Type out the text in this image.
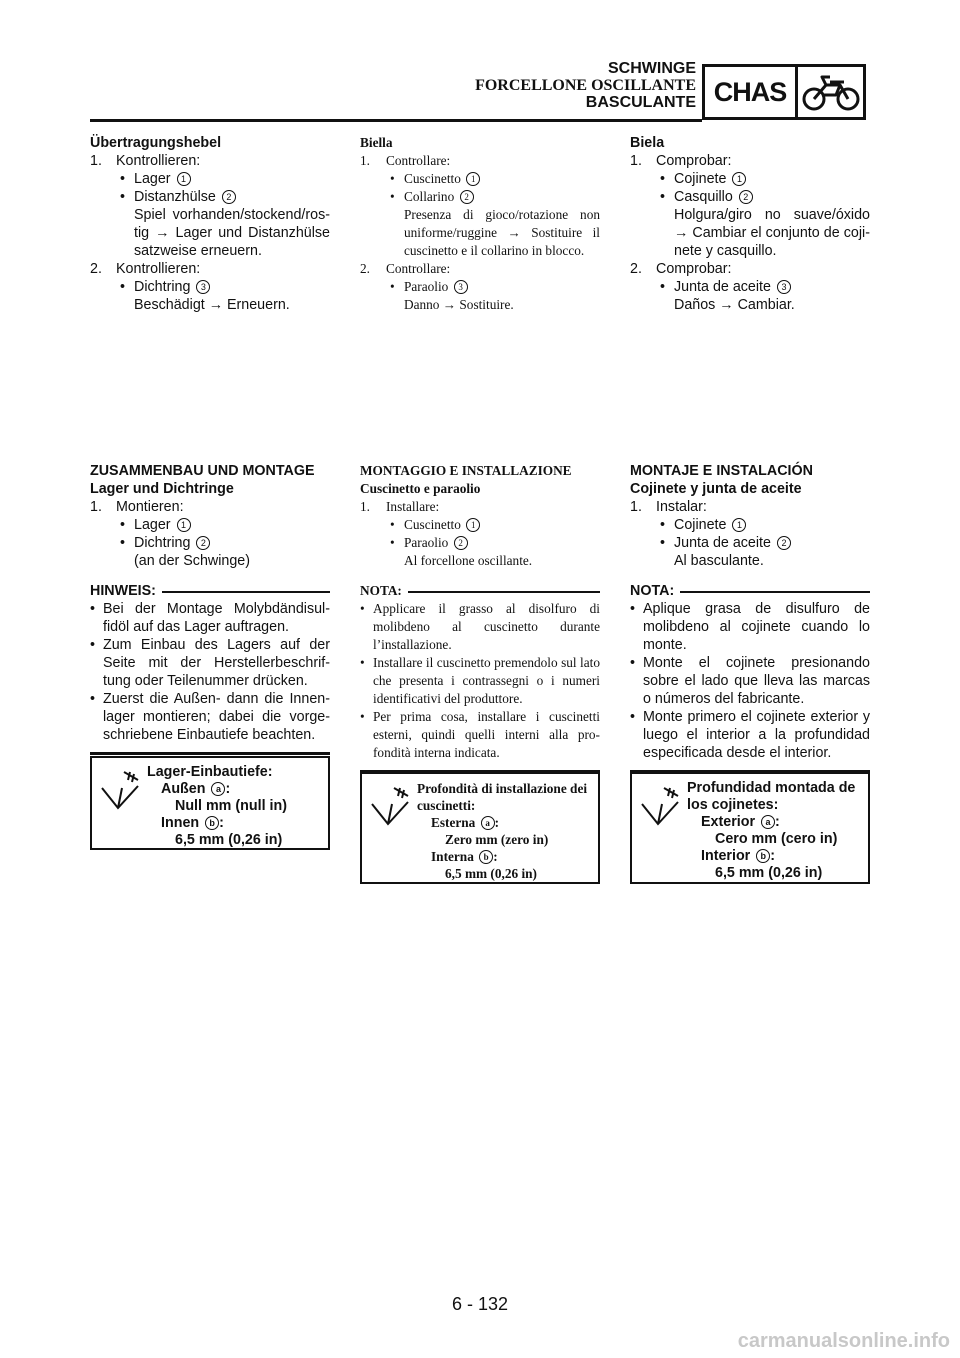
SCHWINGE
FORCELLONE OSCILLANTE
BASCULANTE CHAS
Übertragungshebel
1. Kontrollieren:
• Lager 1
• Distanzhülse 2
Spiel vorhanden/stockend/ros-tig → Lager und Distanzhülse satzweise erneuern.
2. Kontrollieren:
• Dichtring 3
Beschädigt → Erneuern.
Biella
1. Controllare:
• Cuscinetto 1
• Collarino 2
Presenza di gioco/rotazione non uniforme/ruggine → Sostituire il cuscinetto e il collarino in blocco.
2. Controllare:
• Paraolio 3
Danno → Sostituire.
Biela
1. Comprobar:
• Cojinete 1
• Casquillo 2
Holgura/giro no suave/óxido → Cambiar el conjunto de coji-nete y casquillo.
2. Comprobar:
• Junta de aceite 3
Daños → Cambiar.
ZUSAMMENBAU UND MONTAGE
Lager und Dichtringe
1. Montieren:
• Lager 1
• Dichtring 2
(an der Schwinge)
HINWEIS:
• Bei der Montage Molybdändisul-fidöl auf das Lager auftragen.
• Zum Einbau des Lagers auf der Seite mit der Herstellerbeschrif-tung oder Teilenummer drücken.
• Zuerst die Außen- dann die Innen-lager montieren; dabei die vorge-schriebene Einbautiefe beachten.
MONTAGGIO E INSTALLAZIONE
Cuscinetto e paraolio
1. Installare:
• Cuscinetto 1
• Paraolio 2
Al forcellone oscillante.
NOTA:
• Applicare il grasso al disolfuro di molibdeno al cuscinetto durante l’installazione.
• Installare il cuscinetto premendolo sul lato che presenta i contrassegni o i numeri identificativi del produttore.
• Per prima cosa, installare i cuscinetti esterni, quindi quelli interni alla pro-fondità interna indicata.
MONTAJE E INSTALACIÓN
Cojinete y junta de aceite
1. Instalar:
• Cojinete 1
• Junta de aceite 2
Al basculante.
NOTA:
• Aplique grasa de disulfuro de molibdeno al cojinete cuando lo monte.
• Monte el cojinete presionando sobre el lado que lleva las marcas o números del fabricante.
• Monte primero el cojinete exterior y luego el interior a la profundidad especificada desde el interior.
Lager-Einbautiefe:
Außen a :
Null mm (null in)
Innen b :
6,5 mm (0,26 in)
Profondità di installazione dei cuscinetti:
Esterna a :
Zero mm (zero in)
Interna b :
6,5 mm (0,26 in)
Profundidad montada de los cojinetes:
Exterior a :
Cero mm (cero in)
Interior b :
6,5 mm (0,26 in)
6 - 132
carmanualsonline.info
